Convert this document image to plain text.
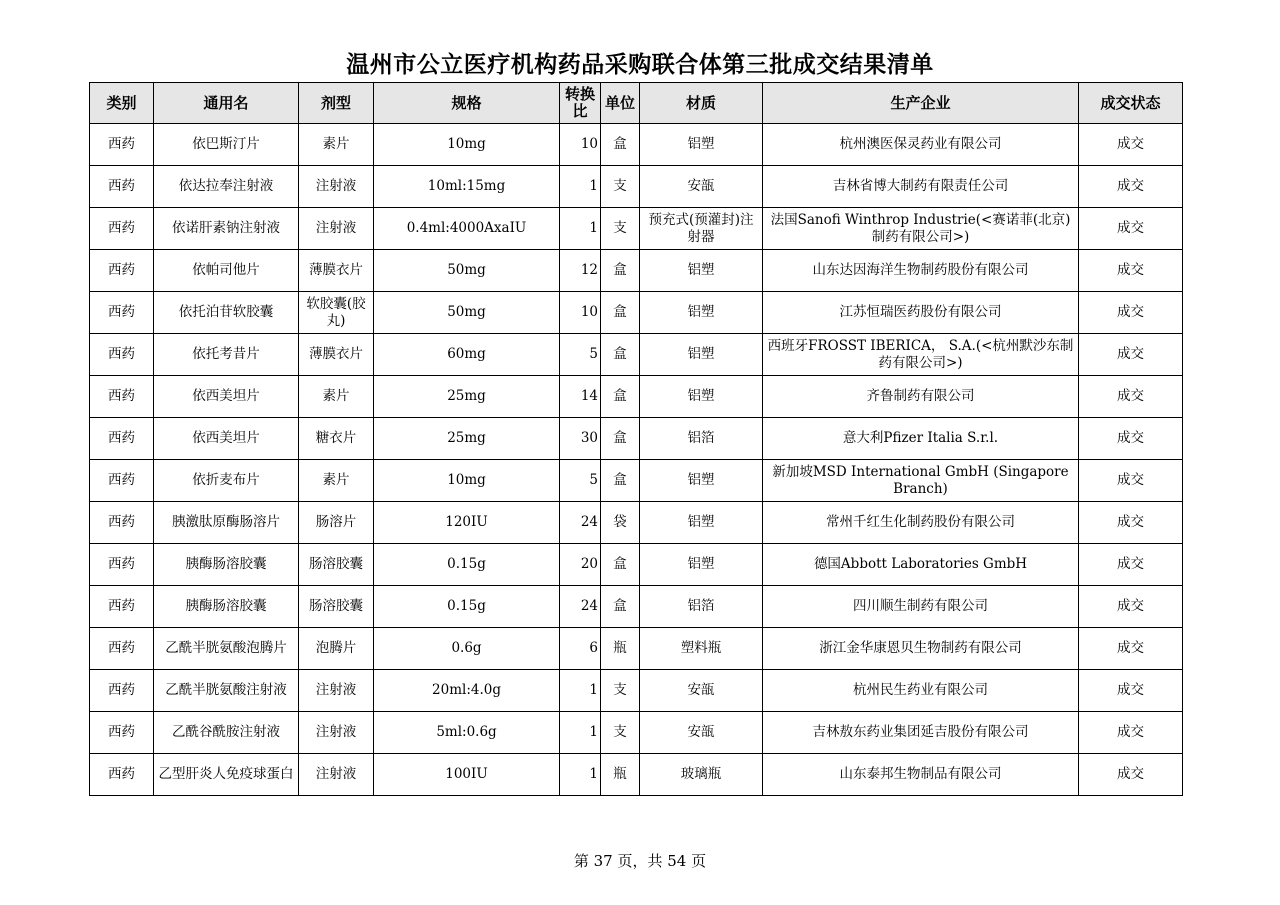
温州市公立医疗机构药品采购联合体第三批成交结果清单
类别	通用名	剂型	规格	转换比	单位	材质	生产企业	成交状态
西药	依巴斯汀片	素片	10mg	10	盒	铝塑	杭州澳医保灵药业有限公司	成交
西药	依达拉奉注射液	注射液	10ml:15mg	1	支	安瓿	吉林省博大制药有限责任公司	成交
西药	依诺肝素钠注射液	注射液	0.4ml:4000AxaIU	1	支	预充式(预灌封)注射器	法国Sanofi Winthrop Industrie(<赛诺菲(北京)制药有限公司>)	成交
西药	依帕司他片	薄膜衣片	50mg	12	盒	铝塑	山东达因海洋生物制药股份有限公司	成交
西药	依托泊苷软胶囊	软胶囊(胶丸)	50mg	10	盒	铝塑	江苏恒瑞医药股份有限公司	成交
西药	依托考昔片	薄膜衣片	60mg	5	盒	铝塑	西班牙FROSST IBERICA， S.A.(<杭州默沙东制药有限公司>)	成交
西药	依西美坦片	素片	25mg	14	盒	铝塑	齐鲁制药有限公司	成交
西药	依西美坦片	糖衣片	25mg	30	盒	铝箔	意大利Pfizer Italia S.r.l.	成交
西药	依折麦布片	素片	10mg	5	盒	铝塑	新加坡MSD International GmbH (Singapore Branch)	成交
西药	胰激肽原酶肠溶片	肠溶片	120IU	24	袋	铝塑	常州千红生化制药股份有限公司	成交
西药	胰酶肠溶胶囊	肠溶胶囊	0.15g	20	盒	铝塑	德国Abbott Laboratories GmbH	成交
西药	胰酶肠溶胶囊	肠溶胶囊	0.15g	24	盒	铝箔	四川顺生制药有限公司	成交
西药	乙酰半胱氨酸泡腾片	泡腾片	0.6g	6	瓶	塑料瓶	浙江金华康恩贝生物制药有限公司	成交
西药	乙酰半胱氨酸注射液	注射液	20ml:4.0g	1	支	安瓿	杭州民生药业有限公司	成交
西药	乙酰谷酰胺注射液	注射液	5ml:0.6g	1	支	安瓿	吉林敖东药业集团延吉股份有限公司	成交
西药	乙型肝炎人免疫球蛋白	注射液	100IU	1	瓶	玻璃瓶	山东泰邦生物制品有限公司	成交
第 37 页，共 54 页
